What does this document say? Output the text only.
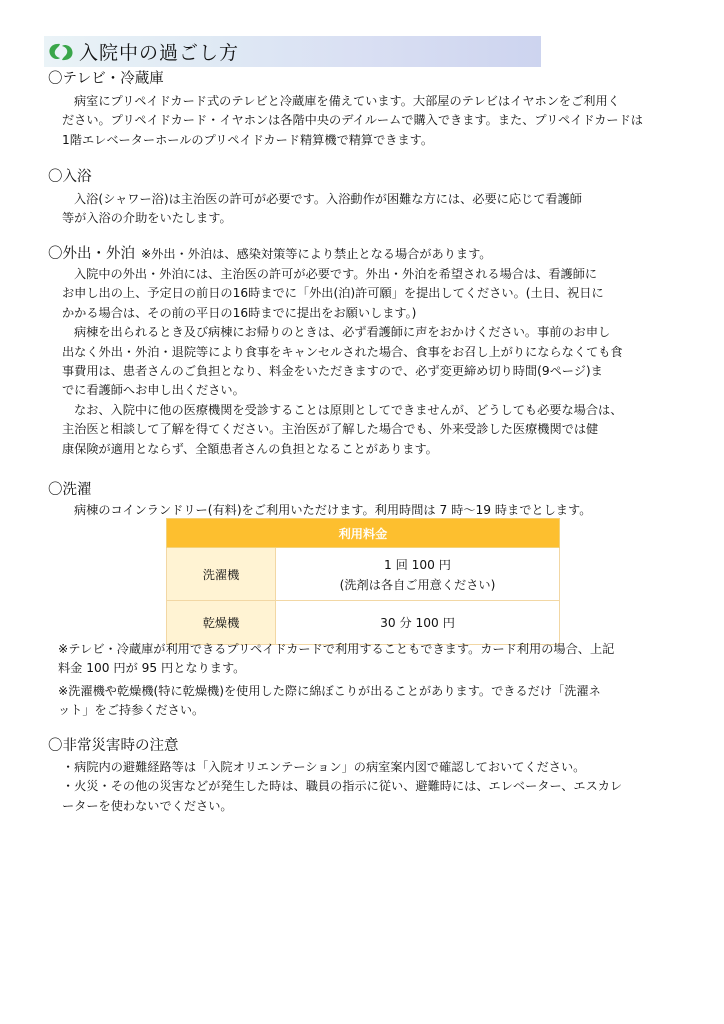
入院中の過ごし方
〇テレビ・冷蔵庫

病室にプリペイドカード式のテレビと冷蔵庫を備えています。大部屋のテレビはイヤホンをご利用く
ださい。プリペイドカード・イヤホンは各階中央のデイルームで購入できます。また、プリペイドカードは
1階エレベーターホールのプリペイドカード精算機で精算できます。

〇入浴

入浴(シャワー浴)は主治医の許可が必要です。入浴動作が困難な方には、必要に応じて看護師
等が入浴の介助をいたします。

〇外出・外泊 ※外出・外泊は、感染対策等により禁止となる場合があります。

入院中の外出・外泊には、主治医の許可が必要です。外出・外泊を希望される場合は、看護師に
お申し出の上、予定日の前日の16時までに「外出(泊)許可願」を提出してください。(土日、祝日に
かかる場合は、その前の平日の16時までに提出をお願いします。)
病棟を出られるとき及び病棟にお帰りのときは、必ず看護師に声をおかけください。事前のお申し
出なく外出・外泊・退院等により食事をキャンセルされた場合、食事をお召し上がりにならなくても食
事費用は、患者さんのご負担となり、料金をいただきますので、必ず変更締め切り時間(9ページ)ま
でに看護師へお申し出ください。
なお、入院中に他の医療機関を受診することは原則としてできませんが、どうしても必要な場合は、
主治医と相談して了解を得てください。主治医が了解した場合でも、外来受診した医療機関では健
康保険が適用とならず、全額患者さんの負担となることがあります。

〇洗濯

病棟のコインランドリー(有料)をご利用いただけます。利用時間は 7 時～19 時までとします。

利用料金	
洗濯機	1 回 100 円
(洗剤は各自ご用意ください)

乾燥機	30 分 100 円

※テレビ・冷蔵庫が利用できるプリペイドカードで利用することもできます。カード利用の場合、上記
料金 100 円が 95 円となります。

※洗濯機や乾燥機(特に乾燥機)を使用した際に綿ぼこりが出ることがあります。できるだけ「洗濯ネ
ット」をご持参ください。

〇非常災害時の注意
・病院内の避難経路等は「入院オリエンテーション」の病室案内図で確認しておいてください。
・火災・その他の災害などが発生した時は、職員の指示に従い、避難時には、エレベーター、エスカレ
ーターを使わないでください。
